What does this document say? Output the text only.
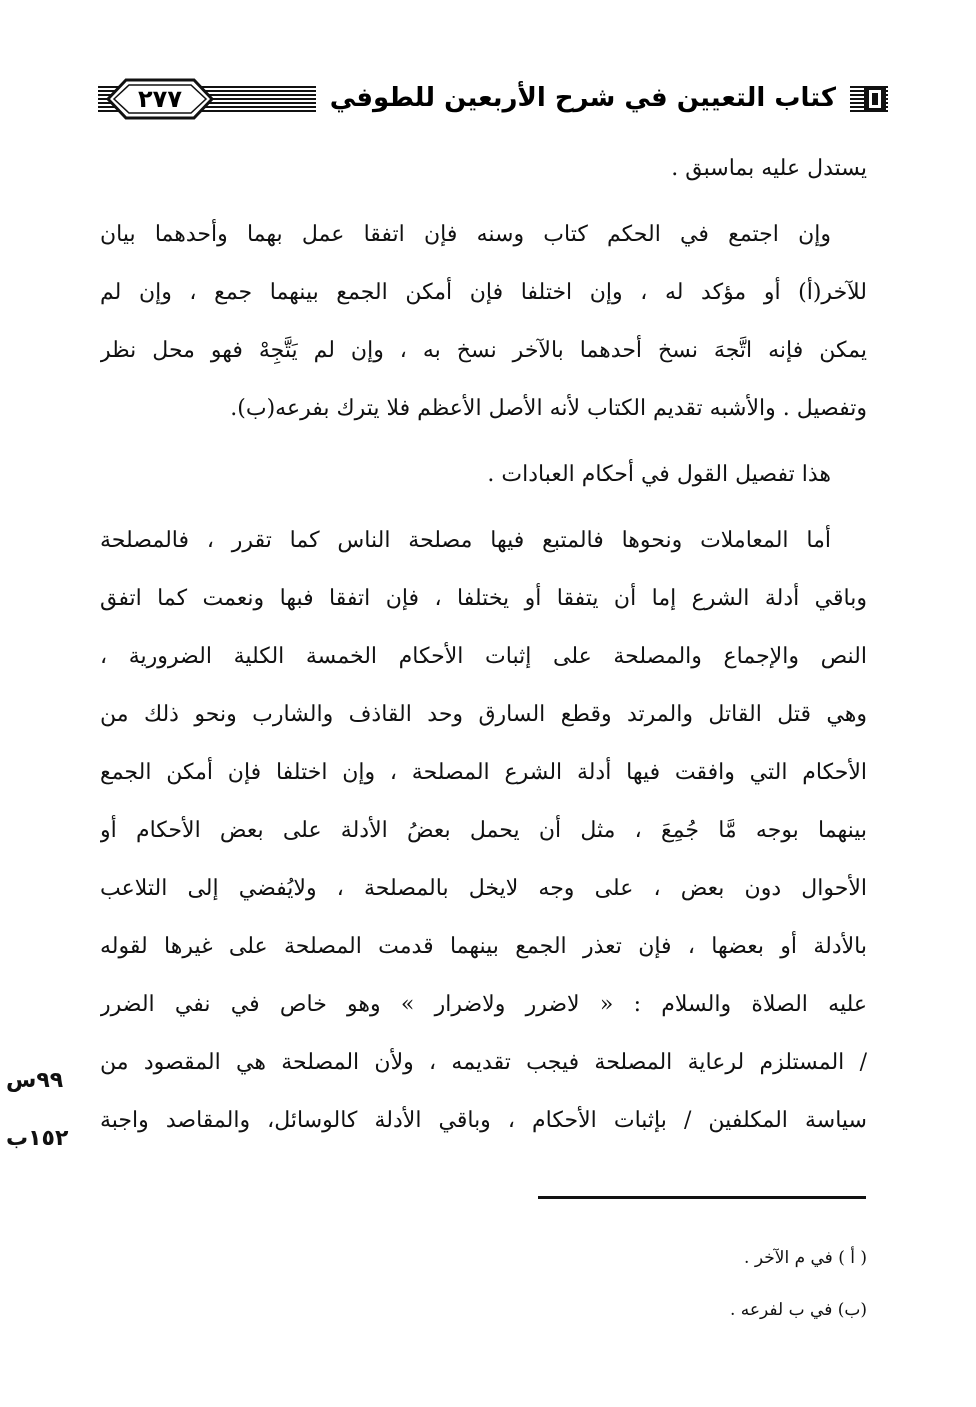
٢٧٧	كتاب التعيين في شرح الأربعين للطوفي
يستدل عليه بماسبق .
وإن اجتمع في الحكم كتاب وسنه فإن اتفقا عمل بهما وأحدهما بيان
للآخر(أ) أو مؤكد له ، وإن اختلفا فإن أمكن الجمع بينهما جمع ، وإن لم
يمكن فإنه اتَّجهَ نسخ أحدهما بالآخر نسخ به ، وإن لم يَتَّجِهْ فهو محل نظر
وتفصيل . والأشبه تقديم الكتاب لأنه الأصل الأعظم فلا يترك بفرعه(ب).
هذا تفصيل القول في أحكام العبادات .
أما المعاملات ونحوها فالمتبع فيها مصلحة الناس كما تقرر ، فالمصلحة
وباقي أدلة الشرع إما أن يتفقا أو يختلفا ، فإن اتفقا فبها ونعمت كما اتفق
النص والإجماع والمصلحة على إثبات الأحكام الخمسة الكلية الضرورية ،
وهي قتل القاتل والمرتد وقطع السارق وحد القاذف والشارب ونحو ذلك من
الأحكام التي وافقت فيها أدلة الشرع المصلحة ، وإن اختلفا فإن أمكن الجمع
بينهما بوجه مَّا جُمِعَ ، مثل أن يحمل بعضُ الأدلة على بعض الأحكام أو
الأحوال دون بعض ، على وجه لايخل بالمصلحة ، ولايُفضي إلى التلاعب
بالأدلة أو بعضها ، فإن تعذر الجمع بينهما قدمت المصلحة على غيرها لقوله
عليه الصلاة والسلام : « لاضرر ولاضرار » وهو خاص في نفي الضرر
/ المستلزم لرعاية المصلحة فيجب تقديمه ، ولأن المصلحة هي المقصود من
سياسة المكلفين / بإثبات الأحكام ، وباقي الأدلة كالوسائل، والمقاصد واجبة
٩٩س
١٥٢ب
( أ ) في م الآخر .
(ب) في ب لفرعه .
